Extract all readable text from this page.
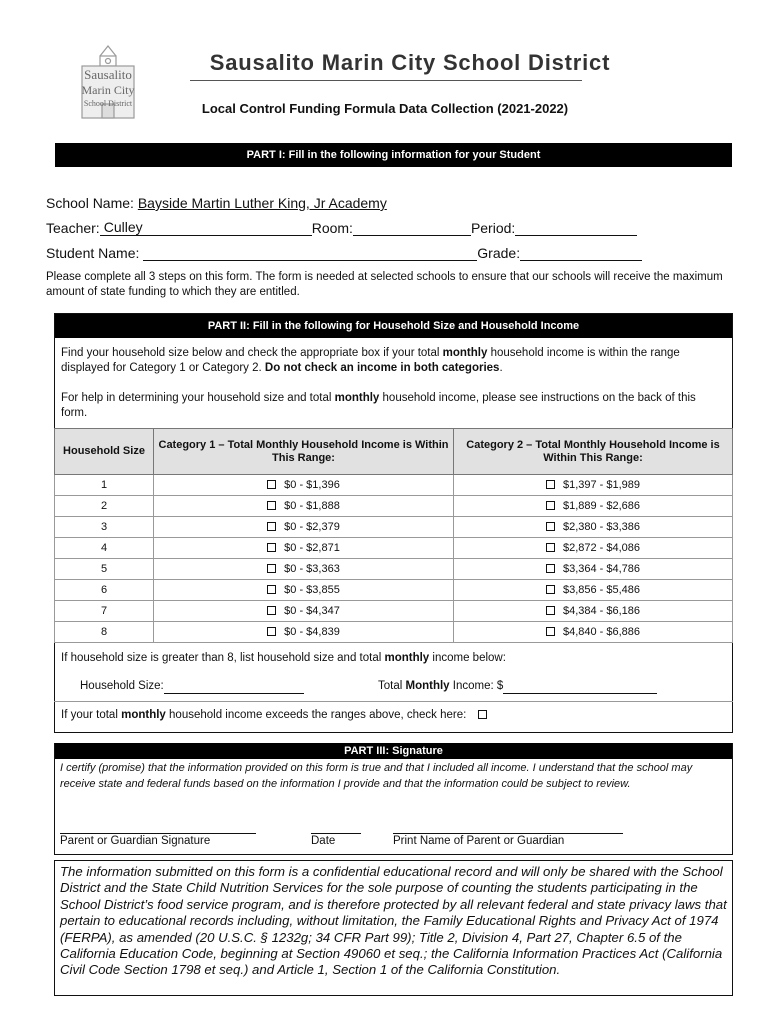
Sausalito
Marin City
School District
Sausalito Marin City School District
Local Control Funding Formula Data Collection (2021-2022)
PART I: Fill in the following information for your Student
School Name: Bayside Martin Luther King, Jr Academy
Teacher: Culley	Room:	Period:
Student Name:	Grade:
Please complete all 3 steps on this form. The form is needed at selected schools to ensure that our schools will receive the maximum amount of state funding to which they are entitled.
PART II: Fill in the following for Household Size and Household Income
Find your household size below and check the appropriate box if your total monthly household income is within the range displayed for Category 1 or Category 2. Do not check an income in both categories.
For help in determining your household size and total monthly household income, please see instructions on the back of this form.
Household Size	Category 1 – Total Monthly Household Income is Within This Range:	Category 2 – Total Monthly Household Income is Within This Range:
1	$0 - $1,396	$1,397 - $1,989
2	$0 - $1,888	$1,889 - $2,686
3	$0 - $2,379	$2,380 - $3,386
4	$0 - $2,871	$2,872 - $4,086
5	$0 - $3,363	$3,364 - $4,786
6	$0 - $3,855	$3,856 - $5,486
7	$0 - $4,347	$4,384 - $6,186
8	$0 - $4,839	$4,840 - $6,886
If household size is greater than 8, list household size and total monthly income below:
Household Size:	Total Monthly Income: $
If your total monthly household income exceeds the ranges above, check here:
PART III: Signature
I certify (promise) that the information provided on this form is true and that I included all income. I understand that the school may receive state and federal funds based on the information I provide and that the information could be subject to review.
Parent or Guardian Signature	Date	Print Name of Parent or Guardian
The information submitted on this form is a confidential educational record and will only be shared with the School District and the State Child Nutrition Services for the sole purpose of counting the students participating in the School District’s food service program, and is therefore protected by all relevant federal and state privacy laws that pertain to educational records including, without limitation, the Family Educational Rights and Privacy Act of 1974 (FERPA), as amended (20 U.S.C. § 1232g; 34 CFR Part 99); Title 2, Division 4, Part 27, Chapter 6.5 of the California Education Code, beginning at Section 49060 et seq.; the California Information Practices Act (California Civil Code Section 1798 et seq.) and Article 1, Section 1 of the California Constitution.
